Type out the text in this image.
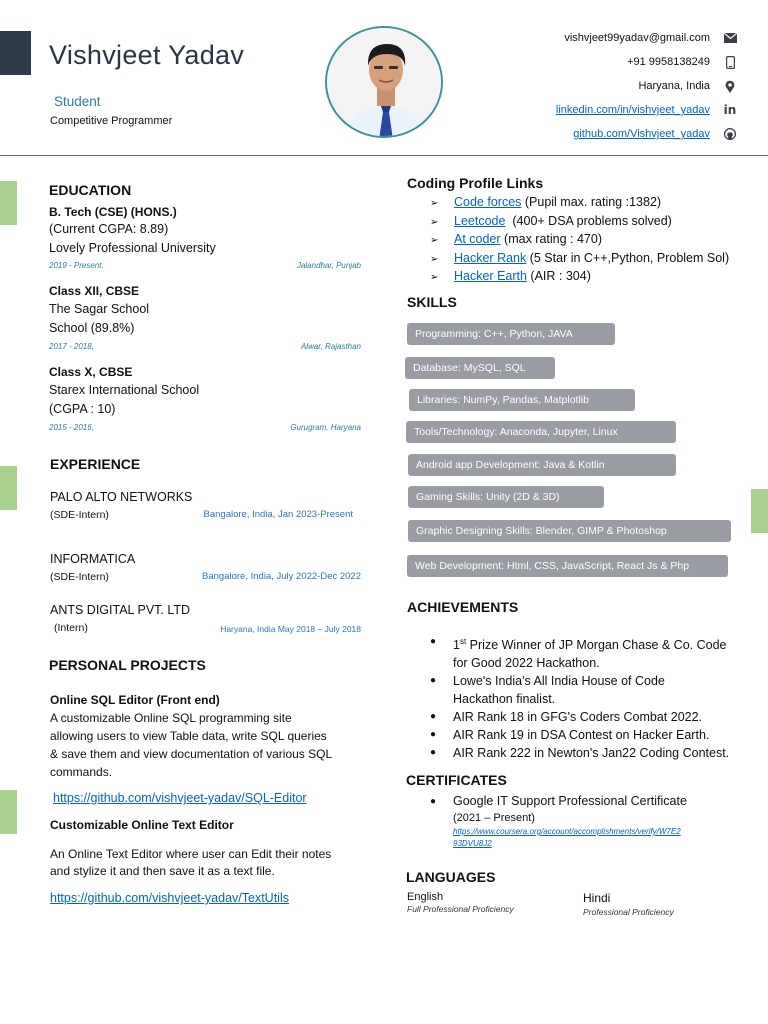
Vishvjeet Yadav
Student
Competitive Programmer
vishvjeet99yadav@gmail.com
+91 9958138249
Haryana, India
linkedin.com/in/vishvjeet_yadav
github.com/Vishvjeet_yadav
in
EDUCATION
B. Tech (CSE) (HONS.)
(Current CGPA: 8.89)
Lovely Professional University
2019 - Present,	Jalandhar, Punjab
Class XII, CBSE
The Sagar School
School (89.8%)
2017 - 2018,	Alwar, Rajasthan
Class X, CBSE
Starex International School
(CGPA : 10)
2015 - 2016,	Gurugram, Haryana
EXPERIENCE
PALO ALTO NETWORKS
(SDE-Intern)	Bangalore, India, Jan 2023-Present
INFORMATICA
(SDE-Intern)	Bangalore, India, July 2022-Dec 2022
ANTS DIGITAL PVT. LTD
(Intern)	Haryana, India May 2018 – July 2018
PERSONAL PROJECTS
Online SQL Editor (Front end)
A customizable Online SQL programming site
allowing users to view Table data, write SQL queries
& save them and view documentation of various SQL
commands.
https://github.com/vishvjeet-yadav/SQL-Editor
Customizable Online Text Editor
An Online Text Editor where user can Edit their notes
and stylize it and then save it as a text file.
https://github.com/vishvjeet-yadav/TextUtils
Coding Profile Links
➢ Code forces (Pupil max. rating :1382)
➢ Leetcode  (400+ DSA problems solved)
➢ At coder (max rating : 470)
➢ Hacker Rank (5 Star in C++,Python, Problem Sol)
➢ Hacker Earth (AIR : 304)
SKILLS
Programming: C++, Python, JAVA
Database: MySQL, SQL
Libraries: NumPy, Pandas, Matplotlib
Tools/Technology: Anaconda, Jupyter, Linux
Android app Development: Java & Kotlin
Gaming Skills: Unity (2D & 3D)
Graphic Designing Skills: Blender, GIMP & Photoshop
Web Development: Html, CSS, JavaScript, React Js & Php
ACHIEVEMENTS
● 1st Prize Winner of JP Morgan Chase & Co. Code
for Good 2022 Hackathon.
● Lowe's India's All India House of Code
Hackathon finalist.
● AIR Rank 18 in GFG's Coders Combat 2022.
● AIR Rank 19 in DSA Contest on Hacker Earth.
● AIR Rank 222 in Newton's Jan22 Coding Contest.
CERTIFICATES
● Google IT Support Professional Certificate
(2021 – Present)
https://www.coursera.org/account/accomplishments/verify/W7E2
93DVU8J2
LANGUAGES
English
Full Professional Proficiency
Hindi
Professional Proficiency
